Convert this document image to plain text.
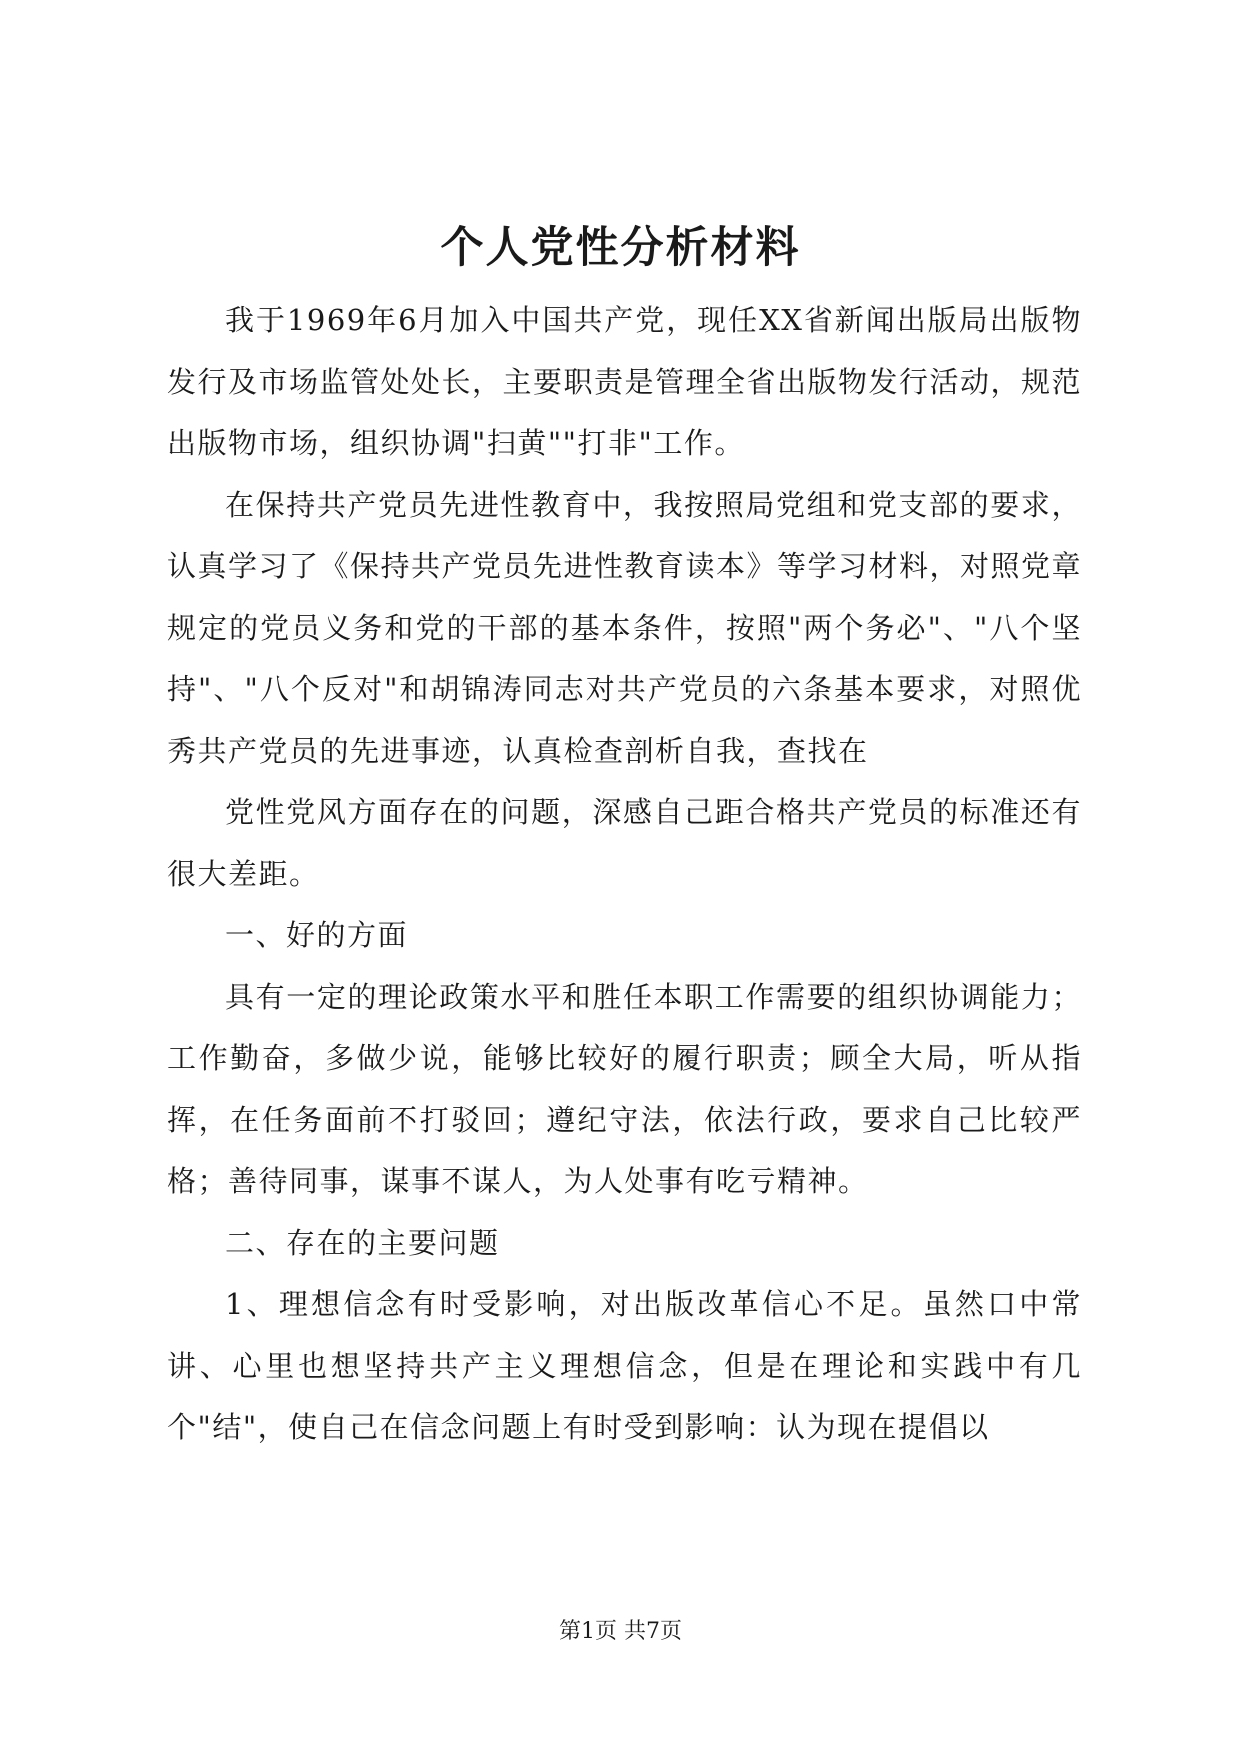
个人党性分析材料

我于1969年6月加入中国共产党，现任XX省新闻出版局出版物发行及市场监管处处长，主要职责是管理全省出版物发行活动，规范出版物市场，组织协调"扫黄""打非"工作。

在保持共产党员先进性教育中，我按照局党组和党支部的要求，认真学习了《保持共产党员先进性教育读本》等学习材料，对照党章规定的党员义务和党的干部的基本条件，按照"两个务必"、"八个坚持"、"八个反对"和胡锦涛同志对共产党员的六条基本要求，对照优秀共产党员的先进事迹，认真检查剖析自我，查找在

党性党风方面存在的问题，深感自己距合格共产党员的标准还有很大差距。

一、好的方面

具有一定的理论政策水平和胜任本职工作需要的组织协调能力；工作勤奋，多做少说，能够比较好的履行职责；顾全大局，听从指挥，在任务面前不打驳回；遵纪守法，依法行政，要求自己比较严格；善待同事，谋事不谋人，为人处事有吃亏精神。

二、存在的主要问题

1、理想信念有时受影响，对出版改革信心不足。虽然口中常讲、心里也想坚持共产主义理想信念，但是在理论和实践中有几个"结"，使自己在信念问题上有时受到影响：认为现在提倡以

第1页 共7页
